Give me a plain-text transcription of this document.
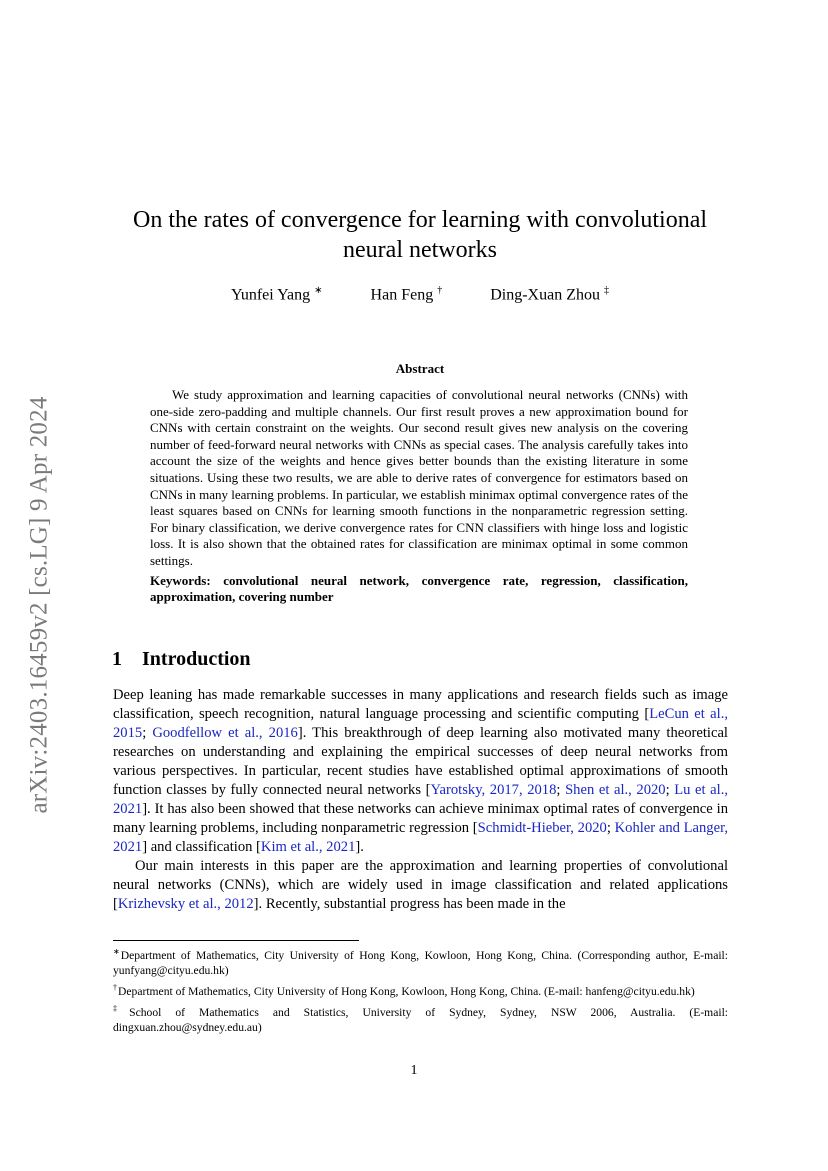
arXiv:2403.16459v2 [cs.LG] 9 Apr 2024
On the rates of convergence for learning with convolutional neural networks
Yunfei Yang ∗	Han Feng †	Ding-Xuan Zhou ‡
Abstract

We study approximation and learning capacities of convolutional neural networks (CNNs) with one-side zero-padding and multiple channels. Our first result proves a new approximation bound for CNNs with certain constraint on the weights. Our second result gives new analysis on the covering number of feed-forward neural networks with CNNs as special cases. The analysis carefully takes into account the size of the weights and hence gives better bounds than the existing literature in some situations. Using these two results, we are able to derive rates of convergence for estimators based on CNNs in many learning problems. In particular, we establish minimax optimal convergence rates of the least squares based on CNNs for learning smooth functions in the nonparametric regression setting. For binary classification, we derive convergence rates for CNN classifiers with hinge loss and logistic loss. It is also shown that the obtained rates for classification are minimax optimal in some common settings.

Keywords: convolutional neural network, convergence rate, regression, classification, approximation, covering number

1 Introduction

Deep leaning has made remarkable successes in many applications and research fields such as image classification, speech recognition, natural language processing and scientific computing [LeCun et al., 2015; Goodfellow et al., 2016]. This breakthrough of deep learning also motivated many theoretical researches on understanding and explaining the empirical successes of deep neural networks from various perspectives. In particular, recent studies have established optimal approximations of smooth function classes by fully connected neural networks [Yarotsky, 2017, 2018; Shen et al., 2020; Lu et al., 2021]. It has also been showed that these networks can achieve minimax optimal rates of convergence in many learning problems, including nonparametric regression [Schmidt-Hieber, 2020; Kohler and Langer, 2021] and classification [Kim et al., 2021].

Our main interests in this paper are the approximation and learning properties of convolutional neural networks (CNNs), which are widely used in image classification and related applications [Krizhevsky et al., 2012]. Recently, substantial progress has been made in the

∗Department of Mathematics, City University of Hong Kong, Kowloon, Hong Kong, China. (Corresponding author, E-mail: yunfyang@cityu.edu.hk)

†Department of Mathematics, City University of Hong Kong, Kowloon, Hong Kong, China. (E-mail: hanfeng@cityu.edu.hk)

‡School of Mathematics and Statistics, University of Sydney, Sydney, NSW 2006, Australia. (E-mail: dingxuan.zhou@sydney.edu.au)

1
